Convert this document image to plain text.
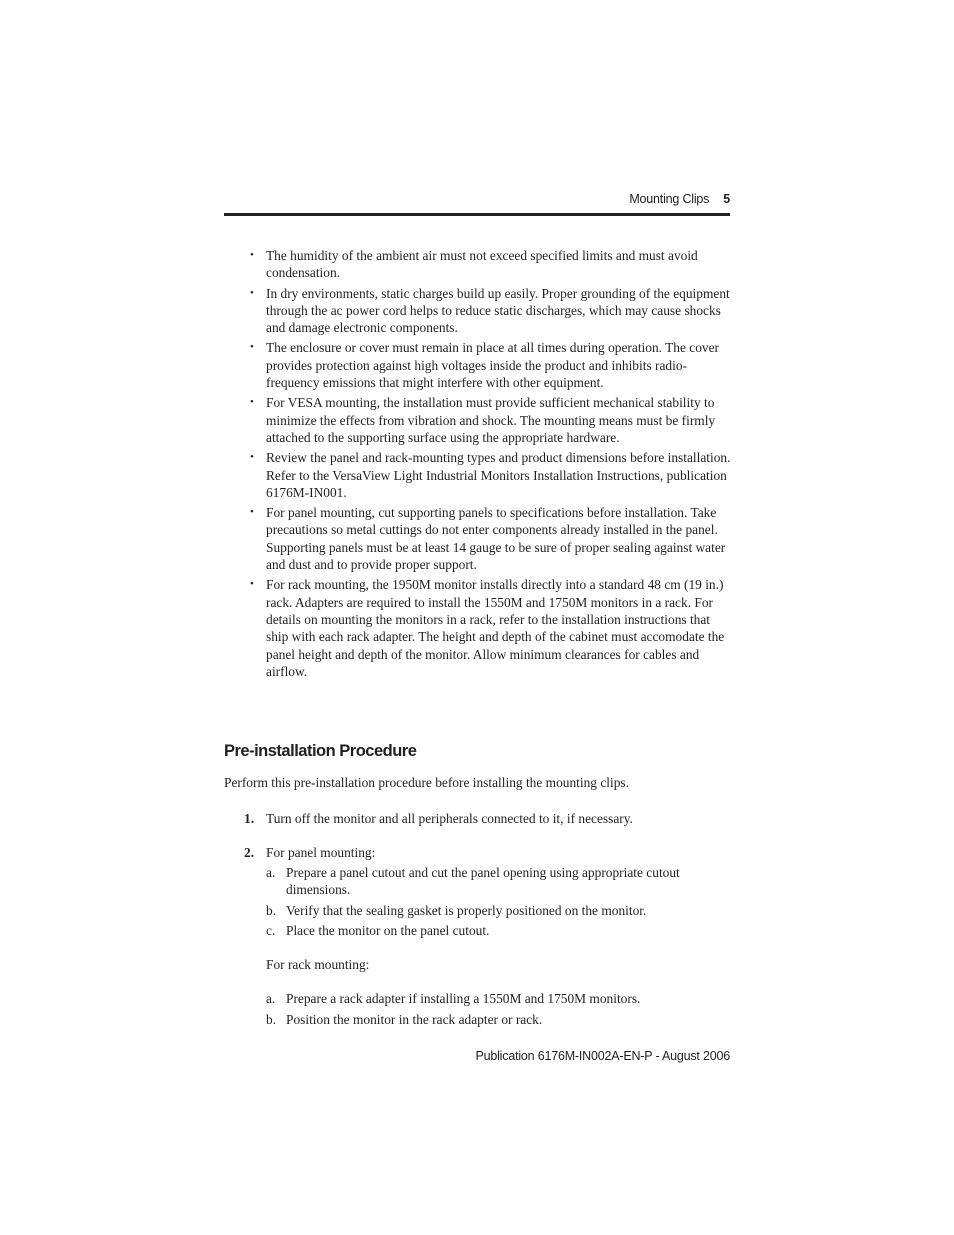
Mounting Clips 5
• The humidity of the ambient air must not exceed specified limits and must avoid condensation.
• In dry environments, static charges build up easily. Proper grounding of the equipment through the ac power cord helps to reduce static discharges, which may cause shocks and damage electronic components.
• The enclosure or cover must remain in place at all times during operation. The cover provides protection against high voltages inside the product and inhibits radio-frequency emissions that might interfere with other equipment.
• For VESA mounting, the installation must provide sufficient mechanical stability to minimize the effects from vibration and shock. The mounting means must be firmly attached to the supporting surface using the appropriate hardware.
• Review the panel and rack-mounting types and product dimensions before installation. Refer to the VersaView Light Industrial Monitors Installation Instructions, publication 6176M-IN001.
• For panel mounting, cut supporting panels to specifications before installation. Take precautions so metal cuttings do not enter components already installed in the panel. Supporting panels must be at least 14 gauge to be sure of proper sealing against water and dust and to provide proper support.
• For rack mounting, the 1950M monitor installs directly into a standard 48 cm (19 in.) rack. Adapters are required to install the 1550M and 1750M monitors in a rack. For details on mounting the monitors in a rack, refer to the installation instructions that ship with each rack adapter. The height and depth of the cabinet must accomodate the panel height and depth of the monitor. Allow minimum clearances for cables and airflow.
Pre-installation Procedure

Perform this pre-installation procedure before installing the mounting clips.

1. Turn off the monitor and all peripherals connected to it, if necessary.
2. For panel mounting:
a. Prepare a panel cutout and cut the panel opening using appropriate cutout dimensions.
b. Verify that the sealing gasket is properly positioned on the monitor.
c. Place the monitor on the panel cutout.
For rack mounting:
a. Prepare a rack adapter if installing a 1550M and 1750M monitors.
b. Position the monitor in the rack adapter or rack.
Publication 6176M-IN002A-EN-P - August 2006
